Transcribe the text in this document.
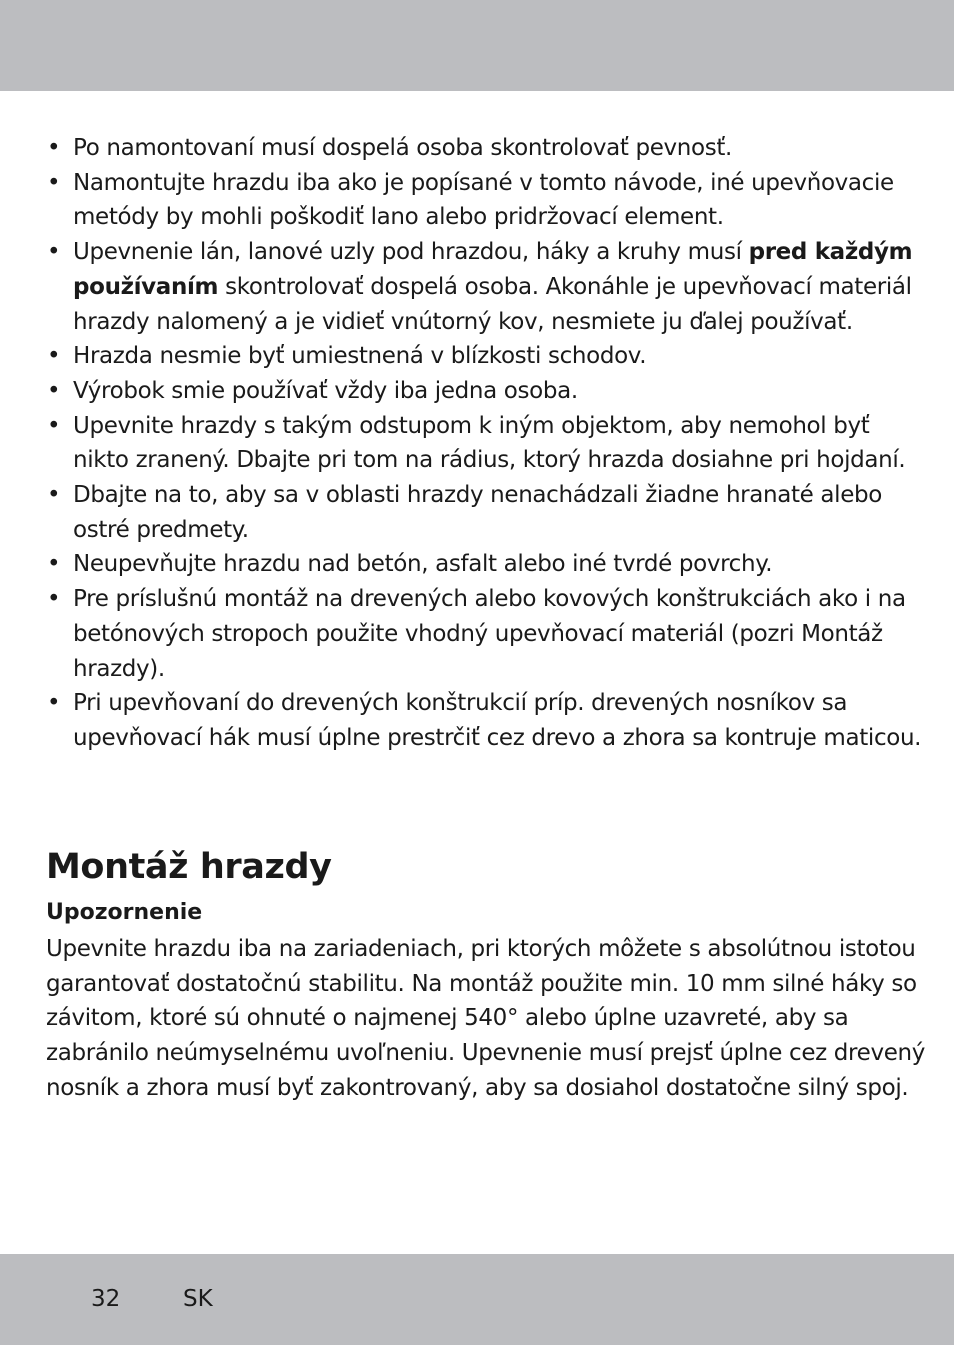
• Po namontovaní musí dospelá osoba skontrolovať pevnosť.
• Namontujte hrazdu iba ako je popísané v tomto návode, iné upevňovacie metódy by mohli poškodiť lano alebo pridržovací element.
• Upevnenie lán, lanové uzly pod hrazdou, háky a kruhy musí pred každým používaním skontrolovať dospelá osoba. Akonáhle je upevňovací materiál hrazdy nalomený a je vidieť vnútorný kov, nesmiete ju ďalej používať.
• Hrazda nesmie byť umiestnená v blízkosti schodov.
• Výrobok smie používať vždy iba jedna osoba.
• Upevnite hrazdy s takým odstupom k iným objektom, aby nemohol byť nikto zranený. Dbajte pri tom na rádius, ktorý hrazda dosiahne pri hojdaní.
• Dbajte na to, aby sa v oblasti hrazdy nenachádzali žiadne hranaté alebo ostré predmety.
• Neupevňujte hrazdu nad betón, asfalt alebo iné tvrdé povrchy.
• Pre príslušnú montáž na drevených alebo kovových konštrukciách ako i na betónových stropoch použite vhodný upevňovací materiál (pozri Montáž hrazdy).
• Pri upevňovaní do drevených konštrukcií príp. drevených nosníkov sa upevňovací hák musí úplne prestrčiť cez drevo a zhora sa kontruje maticou.
Montáž hrazdy
Upozornenie

Upevnite hrazdu iba na zariadeniach, pri ktorých môžete s absolútnou istotou garantovať dostatočnú stabilitu. Na montáž použite min. 10 mm silné háky so závitom, ktoré sú ohnuté o najmenej 540° alebo úplne uzavreté, aby sa zabránilo neúmyselnému uvoľneniu. Upevnenie musí prejsť úplne cez drevený nosník a zhora musí byť zakontrovaný, aby sa dosiahol dostatočne silný spoj.

32	SK
